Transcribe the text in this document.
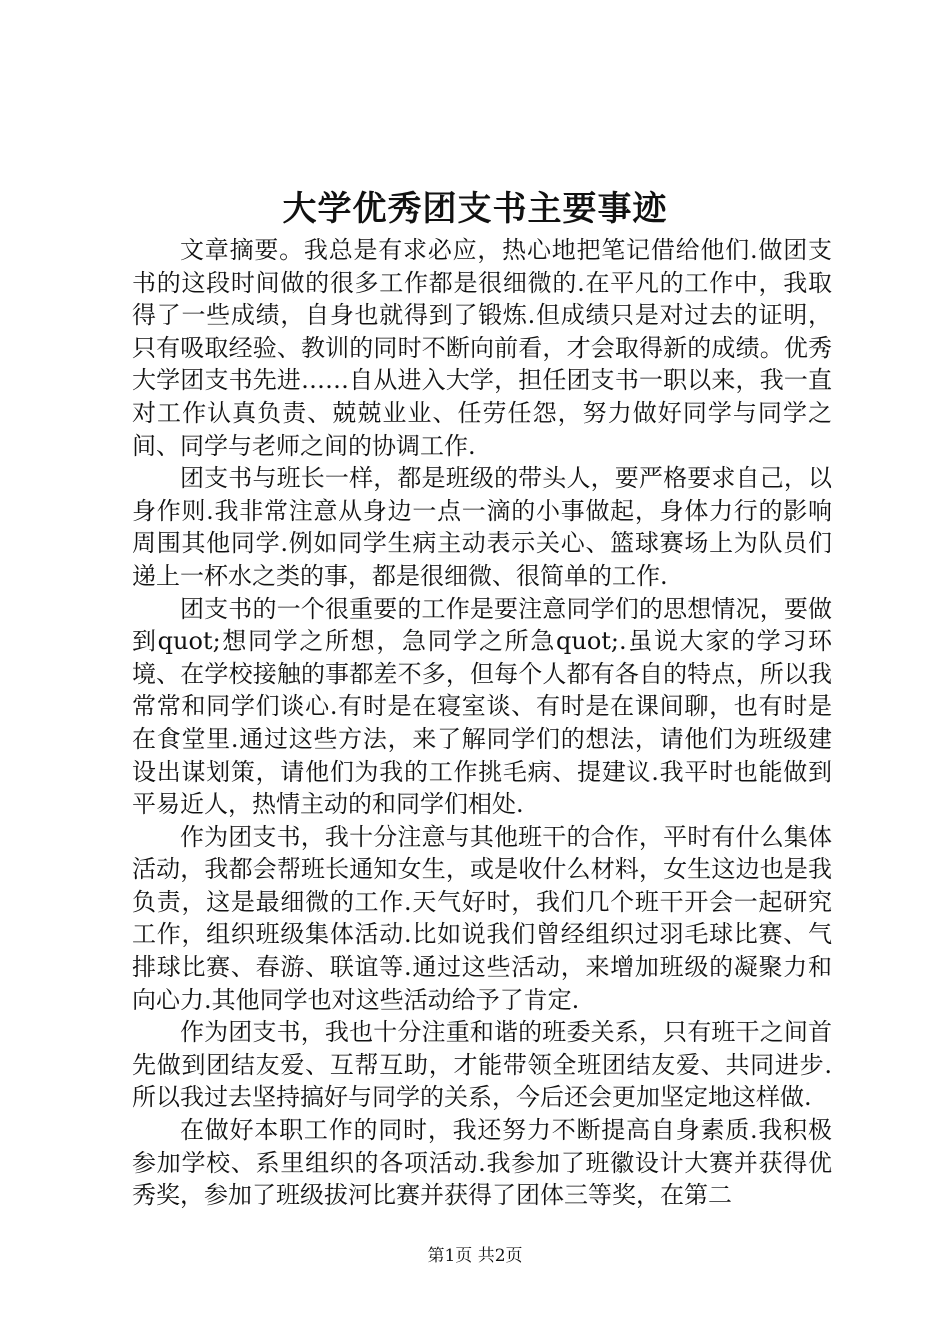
大学优秀团支书主要事迹

文章摘要。我总是有求必应，热心地把笔记借给他们.做团支书的这段时间做的很多工作都是很细微的.在平凡的工作中，我取得了一些成绩，自身也就得到了锻炼.但成绩只是对过去的证明，只有吸取经验、教训的同时不断向前看，才会取得新的成绩。优秀大学团支书先进……自从进入大学，担任团支书一职以来，我一直对工作认真负责、兢兢业业、任劳任怨，努力做好同学与同学之间、同学与老师之间的协调工作.

团支书与班长一样，都是班级的带头人，要严格要求自己，以身作则.我非常注意从身边一点一滴的小事做起，身体力行的影响周围其他同学.例如同学生病主动表示关心、篮球赛场上为队员们递上一杯水之类的事，都是很细微、很简单的工作.

团支书的一个很重要的工作是要注意同学们的思想情况，要做到quot;想同学之所想，急同学之所急quot;.虽说大家的学习环境、在学校接触的事都差不多，但每个人都有各自的特点，所以我常常和同学们谈心.有时是在寝室谈、有时是在课间聊，也有时是在食堂里.通过这些方法，来了解同学们的想法，请他们为班级建设出谋划策，请他们为我的工作挑毛病、提建议.我平时也能做到平易近人，热情主动的和同学们相处.

作为团支书，我十分注意与其他班干的合作，平时有什么集体活动，我都会帮班长通知女生，或是收什么材料，女生这边也是我负责，这是最细微的工作.天气好时，我们几个班干开会一起研究工作，组织班级集体活动.比如说我们曾经组织过羽毛球比赛、气排球比赛、春游、联谊等.通过这些活动，来增加班级的凝聚力和向心力.其他同学也对这些活动给予了肯定.

作为团支书，我也十分注重和谐的班委关系，只有班干之间首先做到团结友爱、互帮互助，才能带领全班团结友爱、共同进步.所以我过去坚持搞好与同学的关系，今后还会更加坚定地这样做.

在做好本职工作的同时，我还努力不断提高自身素质.我积极参加学校、系里组织的各项活动.我参加了班徽设计大赛并获得优秀奖，参加了班级拔河比赛并获得了团体三等奖，在第二

第1页 共2页
